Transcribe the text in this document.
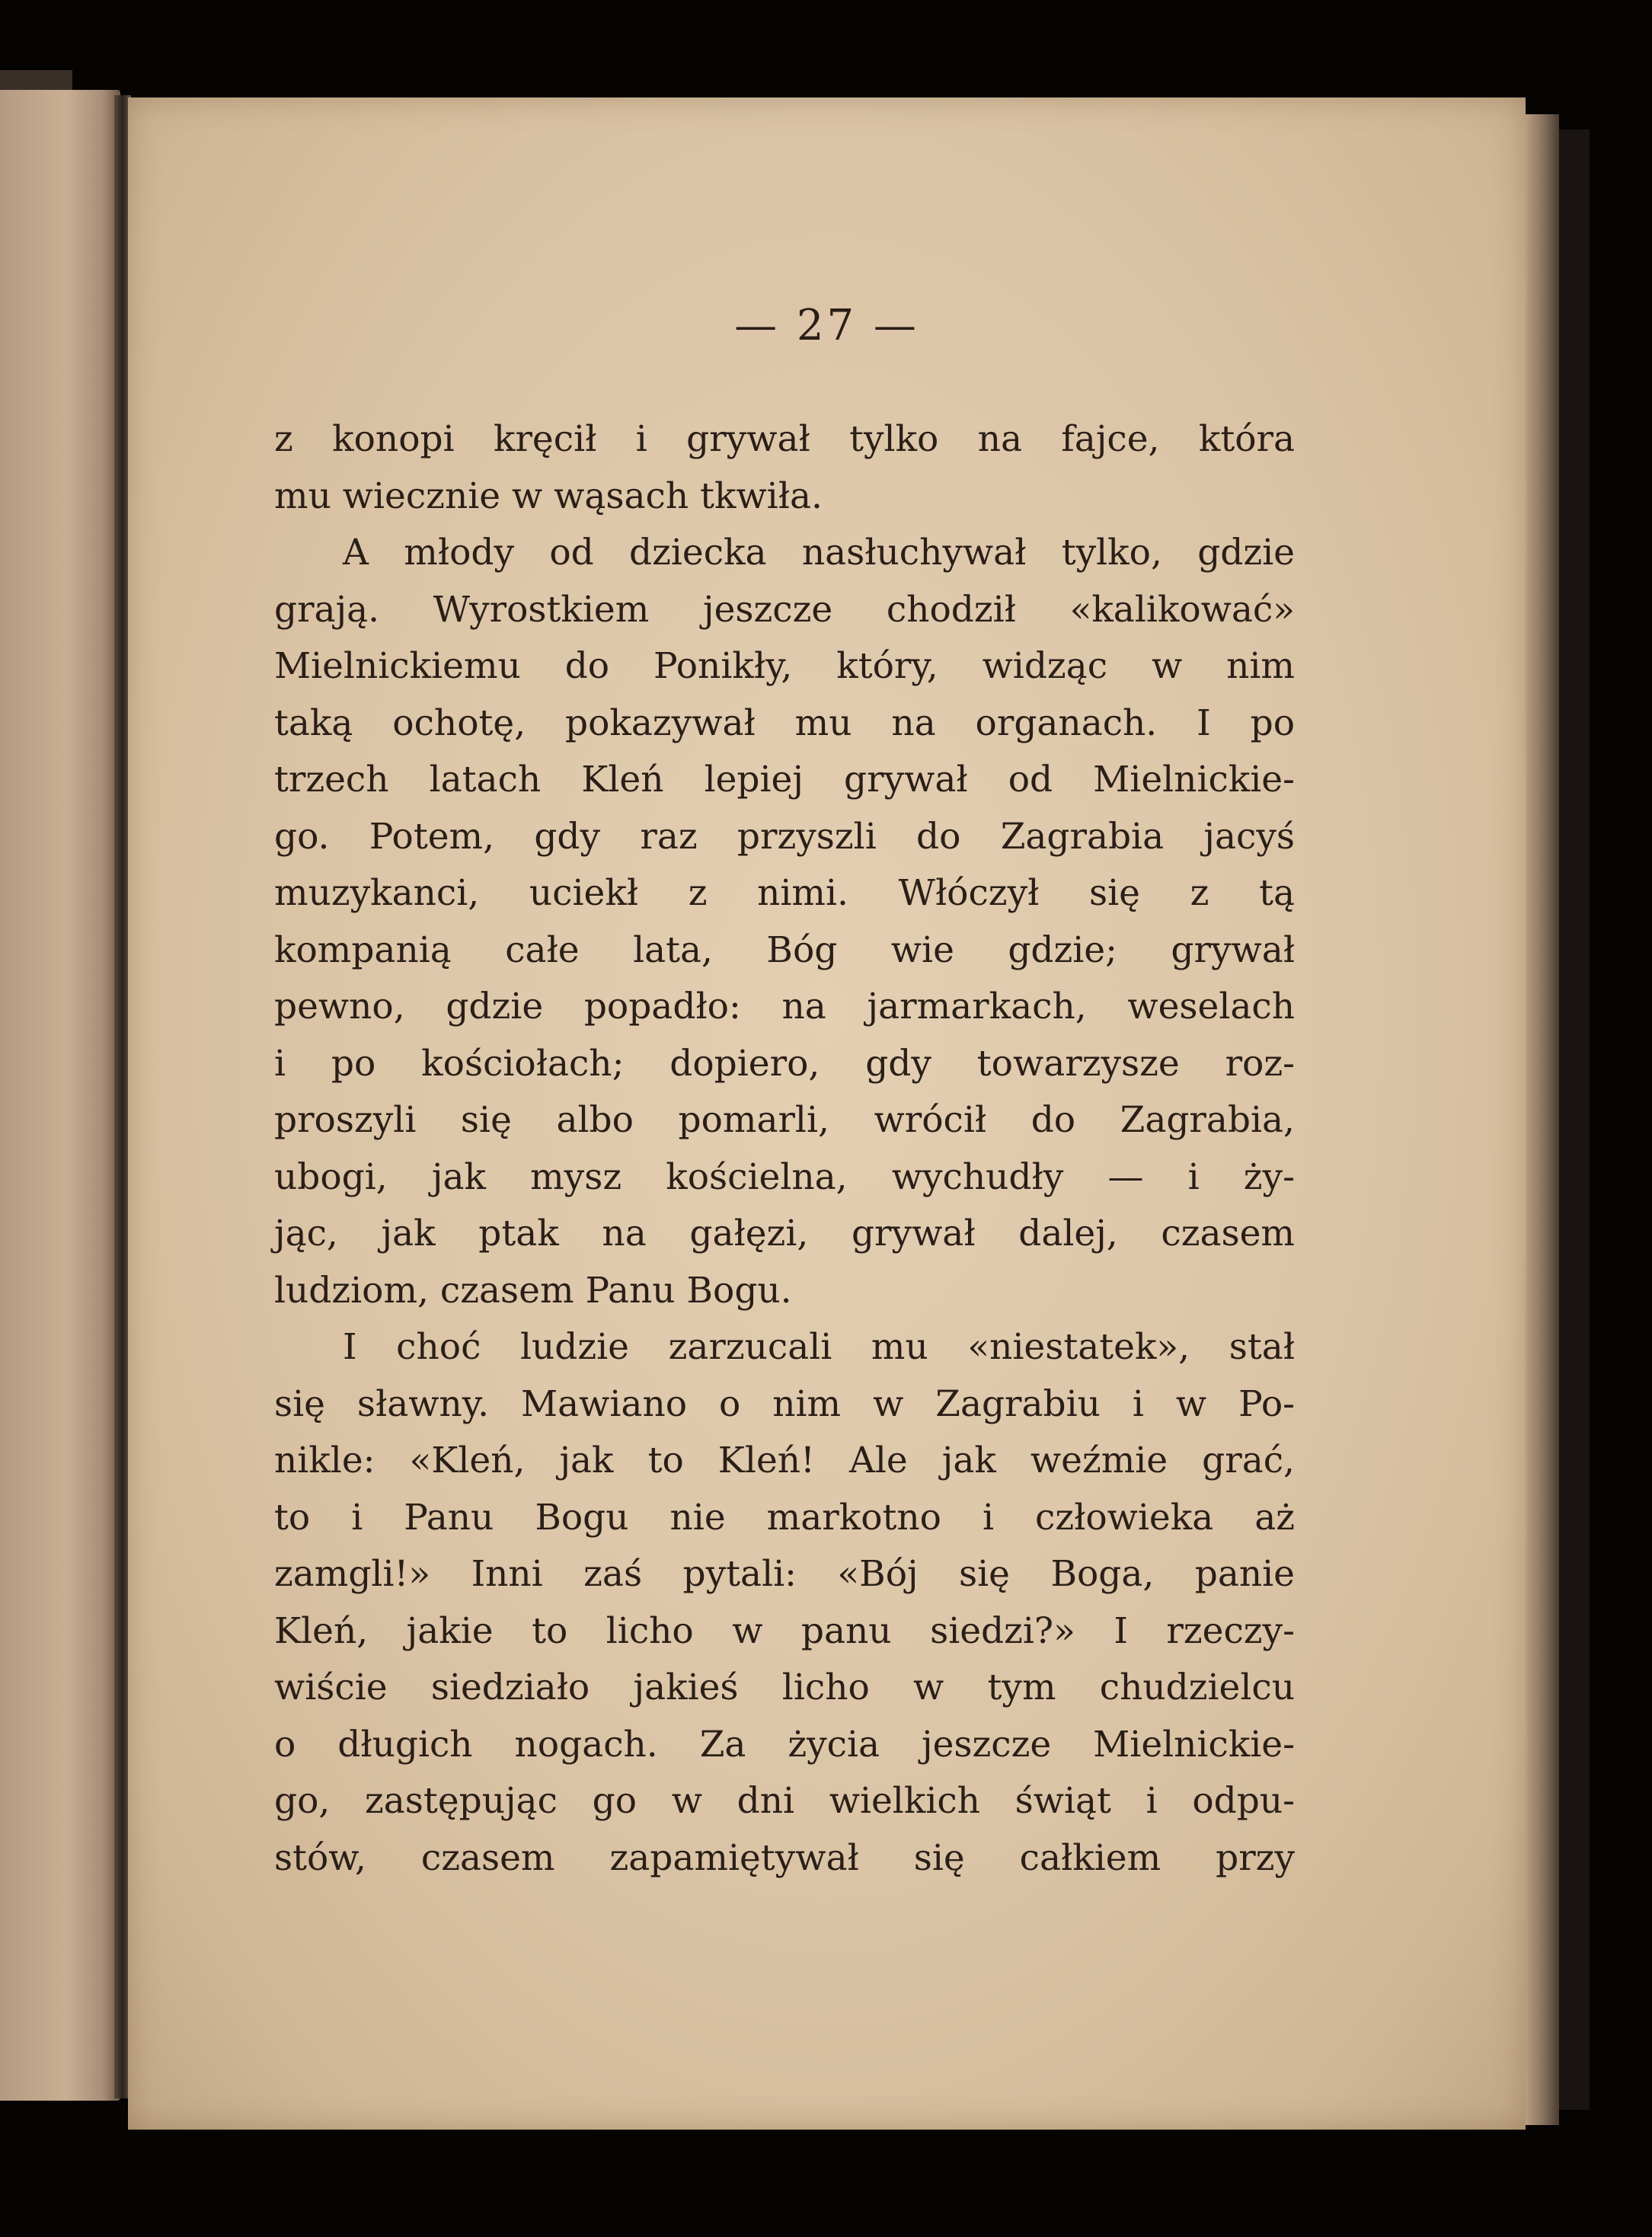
— 27 —

z konopi kręcił i grywał tylko na fajce, która
mu wiecznie w wąsach tkwiła.
A młody od dziecka nasłuchywał tylko, gdzie
grają. Wyrostkiem jeszcze chodził «kalikować»
Mielnickiemu do Ponikły, który, widząc w nim
taką ochotę, pokazywał mu na organach. I po
trzech latach Kleń lepiej grywał od Mielnickie-
go. Potem, gdy raz przyszli do Zagrabia jacyś
muzykanci, uciekł z nimi. Włóczył się z tą
kompanią całe lata, Bóg wie gdzie; grywał
pewno, gdzie popadło: na jarmarkach, weselach
i po kościołach; dopiero, gdy towarzysze roz-
proszyli się albo pomarli, wrócił do Zagrabia,
ubogi, jak mysz kościelna, wychudły — i ży-
jąc, jak ptak na gałęzi, grywał dalej, czasem
ludziom, czasem Panu Bogu.
I choć ludzie zarzucali mu «niestatek», stał
się sławny. Mawiano o nim w Zagrabiu i w Po-
nikle: «Kleń, jak to Kleń! Ale jak weźmie grać,
to i Panu Bogu nie markotno i człowieka aż
zamgli!» Inni zaś pytali: «Bój się Boga, panie
Kleń, jakie to licho w panu siedzi?» I rzeczy-
wiście siedziało jakieś licho w tym chudzielcu
o długich nogach. Za życia jeszcze Mielnickie-
go, zastępując go w dni wielkich świąt i odpu-
stów, czasem zapamiętywał się całkiem przy
